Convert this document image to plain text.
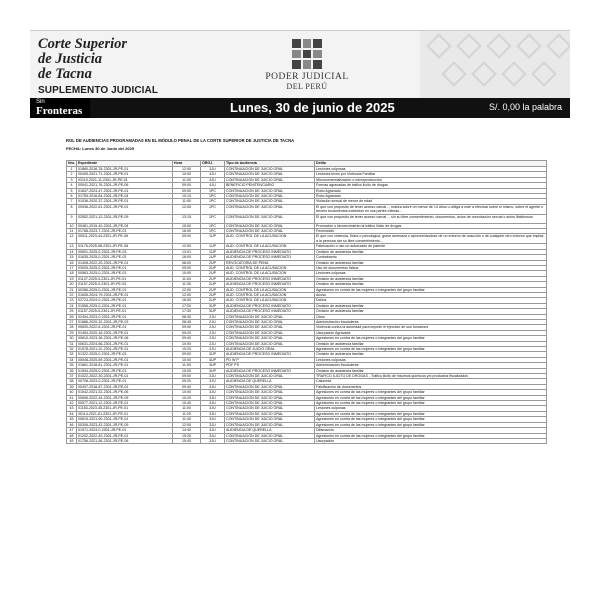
Corte Superior
de Justicia
de Tacna
SUPLEMENTO JUDICIAL
PODER JUDICIAL
DEL PERÚ
Sin
Fronteras	Lunes, 30 de junio de 2025	S/. 0,00 la palabra
ROL DE AUDIENCIAS PROGRAMADAS EN EL MÓDULO PENAL DE LA CORTE SUPERIOR DE JUSTICIA DE TACNA
FECHA: Lunes 30 de Junio del 2025
Nro.	Expediente	Hora	ÓRGJ.	Tipo de Audiencia	Delito
1	01880-2016-78-2301-JR-PE-01	12:00	3JU	CONTINUACION DE JUICIO ORAL	Lesiones culposas
2	00405-2021-71-2301-JR-PE-01	10:00	4JU	CONTINUACION DE JUICIO ORAL	Lesiones leves por Violencia Familiar
3	03119-2021-11-2301-JR-PE-01	11:00	4JU	CONTINUACION DE JUICIO ORAL	Microcomercialización o microproducción
4	00041-2021-76-2301-JR-PE-06	09:00	4JU	BENEFICIO PENITENCIARIO	Formas agravadas de tráfico ilícito de drogas
5	01847-2024-47-2301-JR-PE-01	09:00	1PC	CONTINUACION DE JUICIO ORAL	Robo Agravado
6	01755-2016-84-2301-JR-PE-04	10:10	1PC	CONTINUACION DE JUICIO ORAL	Robo Agravado
7	01036-2020-37-2301-JR-PE-01	11:00	1PC	CONTINUACION DE JUICIO ORAL	Violación sexual de menor de edad
8	00936-2022-61-2301-JR-PE-01	12:00	1PC	CONTINUACION DE JUICIO ORAL	El que con propósito de tener acceso carnal ... realiza sobre un menor de 14 años u obliga a este a efectuar sobre sí mismo, sobre el agente o tercero tocamientos indebidos en sus partes íntimas...
9	02552-2021-12-2301-JR-PE-09	13:15	1PC	CONTINUACION DE JUICIO ORAL	El que con propósito de tener acceso carnal ... sin su libre consentimiento, documentos, actos de connotación sexual o actos libidinosos
10	00461-2019-40-2301-JR-PE-04	15:00	1PC	CONTINUACION DE JUICIO ORAL	Promoción o favorecimiento al tráfico ilícito de drogas
11	01788-2023-7-2301-JR-PE-01	16:00	1PC	CONTINUACION DE JUICIO ORAL	Feminicidio
12	00511-2023-44-2301-JR-PE-06	09:00	1UP	AUD. CONTROL DE LA ACUSACION	El que con violencia, física o psicológica, grave amenaza o aprovechándose de un entorno de coacción o de cualquier otro entorno que impida a la persona dar su libre consentimiento...
13	01176-2025-58-2301-JR-PE-08	12:00	1UP	AUD. CONTROL DE LA ACUSACION	Fabricación o uso no autorizado de patente
14	00601-2025-0-2301-JR-PE-03	13:01	1UP	AUDIENCIA DE PROCESO INMEDIATO	Omisión de asistencia familiar
15	01635-2025-0-2301-JR-PE-03	16:00	1UP	AUDIENCIA DE PROCESO INMEDIATO	Contrabando
16	01408-2022-20-2301-JR-PE-01	08:00	2UP	REVOCATORIA DE PENA	Omisión de asistencia familiar
17	03005-2025-0-2301-JR-PE-01	09:00	2UP	AUD. CONTROL DE LA ACUSACION	Uso de documentos falsos
18	00563-2025-0-2301-JR-PE-01	10:00	2UP	AUD. CONTROL DE LA ACUSACION	Lesiones culposas
19	01107-2025-0-2301-JR-PE-01	11:00	2UP	AUDIENCIA DE PROCESO INMEDIATO	Omisión de asistencia familiar
20	01157-2025-0-2301-JR-PE-03	11:30	2UP	AUDIENCIA DE PROCESO INMEDIATO	Omisión de asistencia familiar
21	00286-2025-0-2301-JR-PE-01	12:00	2UP	AUD. CONTROL DE LA ACUSACION	Agresiones en contra de las mujeres o integrantes del grupo familiar
22	01606-2024-79-2301-JR-PE-01	12:00	2UP	AUD. CONTROL DE LA ACUSACION	Acoso
23	02724-2024-0-2301-JR-PE-01	16:00	2UP	AUD. CONTROL DE LA ACUSACION	Daños
24	01556-2025-0-2301-JR-PE-01	17:00	3UP	AUDIENCIA DE PROCESO INMEDIATO	Omisión de asistencia familiar
25	01157-2025-0-2301-JR-PE-01	17:30	3UP	AUDIENCIA DE PROCESO INMEDIATO	Omisión de asistencia familiar
26	02494-2023-0-2301-JR-PE-01	08:30	2JU	CONTINUACION DE JUICIO ORAL	Otros
27	01686-2020-32-2301-JR-PE-03	08:45	2JU	CONTINUACION DE JUICIO ORAL	Administración fraudulenta
28	00830-2022-6-2301-JR-PE-01	09:00	2JU	CONTINUACION DE JUICIO ORAL	Violencia contra la autoridad para impedir el ejercicio de sus funciones
29	01454-2020-16-2301-JR-PE-01	09:20	2JU	CONTINUACION DE JUICIO ORAL	Usurpación Agravada
30	00810-2023-36-2301-JR-PE-06	09:40	2JU	CONTINUACION DE JUICIO ORAL	Agresiones en contra de las mujeres o integrantes del grupo familiar
31	00631-2024-66-2301-JR-PE-01	10:00	2JU	CONTINUACION DE JUICIO ORAL	Omisión de asistencia familiar
32	01578-2021-22-2301-JR-PE-01	10:20	2JU	AUDIENCIA DE JUICIO ORAL	Agresiones en contra de las mujeres o integrantes del grupo familiar
33	01322-2025-0-2301-JR-PE-03	09:00	3UP	AUDIENCIA DE PROCESO INMEDIATO	Omisión de asistencia familiar
34	00548-2025-59-2301-JR-PE-01	10:00	3UP	PD W P	Lesiones culposas
35	01661-2018-81-2301-JR-PE-01	11:00	3UP	PDF PS	Administración fraudulenta
36	01594-2025-0-2301-JR-PE-01	15:00	3UP	AUDIENCIA DE PROCESO INMEDIATO	Omisión de asistencia familiar
37	01022-2022-30-2301-JR-PE-01	09:00	3JU	CONTINUACION DE JUICIO ORAL	TRAFICO ILICITO DE DROGAS - Tráfico ilícito de insumos químicos y/o productos fiscalizados
38	00708-2023-0-2301-JR-PE-01	09:20	3JU	AUDIENCIA DE QUERELLA	Calumnia
39	00497-2018-87-2301-JR-PE-01	09:40	3JU	CONTINUACION DE JUICIO ORAL	Falsificación de documentos
40	01542-2021-32-2301-JR-PE-06	10:00	3JU	CONTINUACION DE JUICIO ORAL	Agresiones en contra de las mujeres o integrantes del grupo familiar
41	00606-2022-44-2301-JR-PE-09	10:20	3JU	CONTINUACION DE JUICIO ORAL	Agresiones en contra de las mujeres o integrantes del grupo familiar
42	00577-2021-12-2301-JR-PE-01	10:40	3JU	CONTINUACION DE JUICIO ORAL	Agresiones en contra de las mujeres o integrantes del grupo familiar
43	01183-2023-45-2301-JR-PE-01	11:00	3JU	CONTINUACION DE JUICIO ORAL	Lesiones culposas
44	00114-2021-61-2301-JR-PE-01	11:20	3JU	CONTINUACION DE JUICIO ORAL	Agresiones en contra de las mujeres o integrantes del grupo familiar
45	00615-2021-90-2301-JR-PE-01	11:40	3JU	CONTINUACION DE JUICIO ORAL	Agresiones en contra de las mujeres o integrantes del grupo familiar
46	00306-2023-43-2301-JR-PE-09	12:00	3JU	CONTINUACION DE JUICIO ORAL	Agresiones en contra de las mujeres o integrantes del grupo familiar
47	01971-2024-0-2301-JR-PE-01	14:40	3JU	AUDIENCIA DE QUERELLA	Difamación
48	01202-2022-40-2301-JR-PE-01	15:20	3JU	CONTINUACION DE JUICIO ORAL	Agresiones en contra de las mujeres o integrantes del grupo familiar
49	01756-2021-56-2301-JR-PE-06	15:40	3JU	CONTINUACION DE JUICIO ORAL	Usurpación
